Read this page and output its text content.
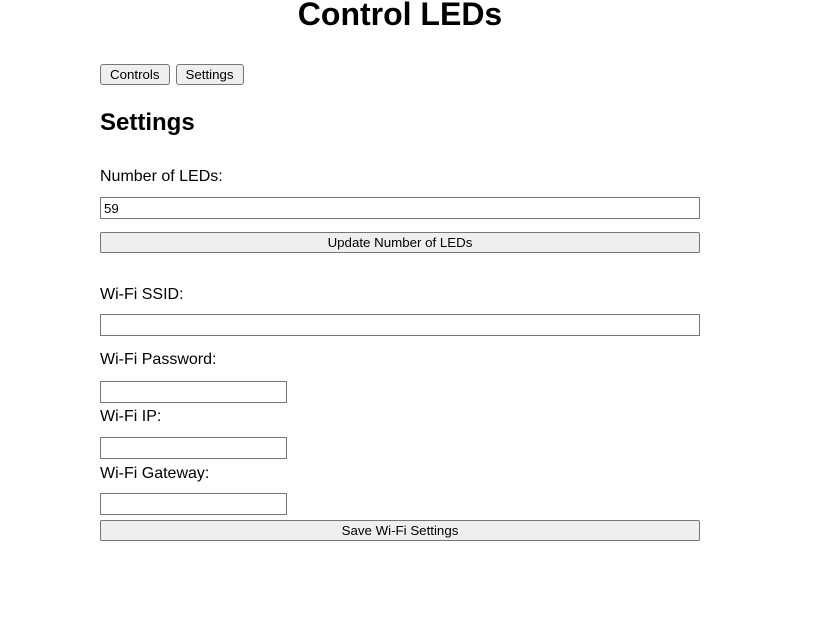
Control LEDs
Controls	Settings
Settings

Number of LEDs:

59
Update Number of LEDs

Wi-Fi SSID:

Wi-Fi Password:

Wi-Fi IP:

Wi-Fi Gateway:

Save Wi-Fi Settings
